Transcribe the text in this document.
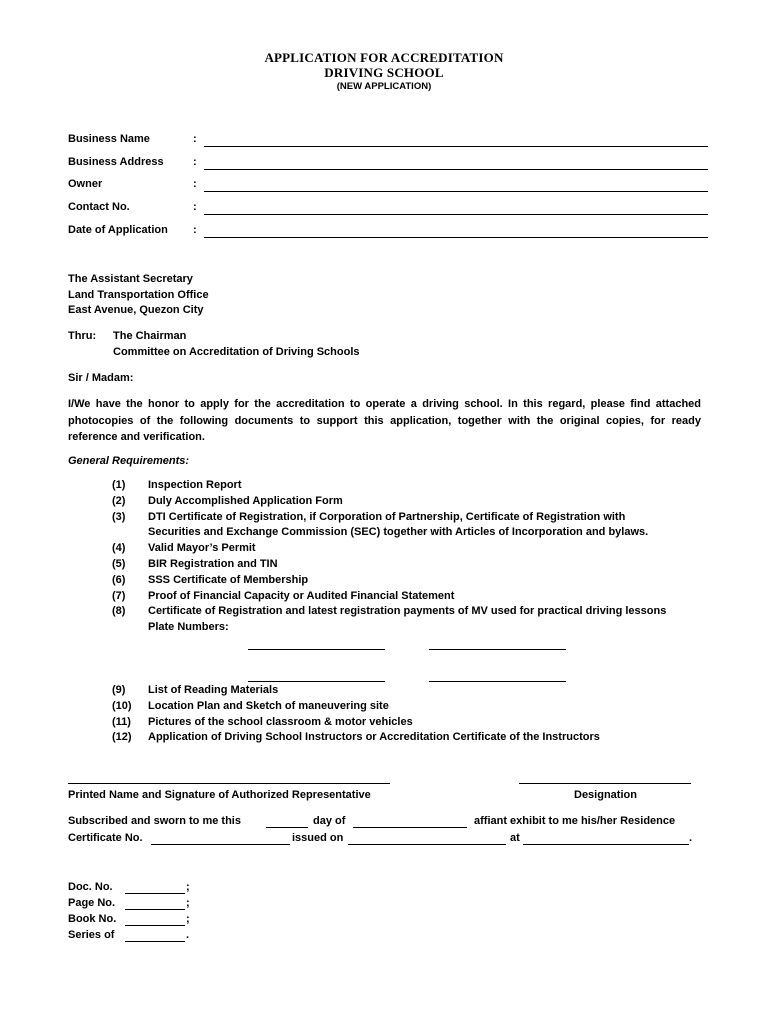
APPLICATION FOR ACCREDITATION
DRIVING SCHOOL
(NEW APPLICATION)
Business Name	:
Business Address	:
Owner	:
Contact No.	:
Date of Application :
The Assistant Secretary
Land Transportation Office
East Avenue, Quezon City
Thru: The Chairman
Committee on Accreditation of Driving Schools
Sir / Madam:
I/We have the honor to apply for the accreditation to operate a driving school. In this regard, please find attached photocopies of the following documents to support this application, together with the original copies, for ready reference and verification.
General Requirements:
(1) Inspection Report
(2) Duly Accomplished Application Form
(3) DTI Certificate of Registration, if Corporation of Partnership, Certificate of Registration with
Securities and Exchange Commission (SEC) together with Articles of Incorporation and bylaws.
(4) Valid Mayor’s Permit
(5) BIR Registration and TIN
(6) SSS Certificate of Membership
(7) Proof of Financial Capacity or Audited Financial Statement
(8) Certificate of Registration and latest registration payments of MV used for practical driving lessons
Plate Numbers:
(9) List of Reading Materials
(10) Location Plan and Sketch of maneuvering site
(11) Pictures of the school classroom & motor vehicles
(12) Application of Driving School Instructors or Accreditation Certificate of the Instructors
Printed Name and Signature of Authorized Representative	Designation
Subscribed and sworn to me this	day of	affiant exhibit to me his/her Residence
Certificate No.	issued on	at	.
Doc. No.	;
Page No.	;
Book No.	;
Series of	.
